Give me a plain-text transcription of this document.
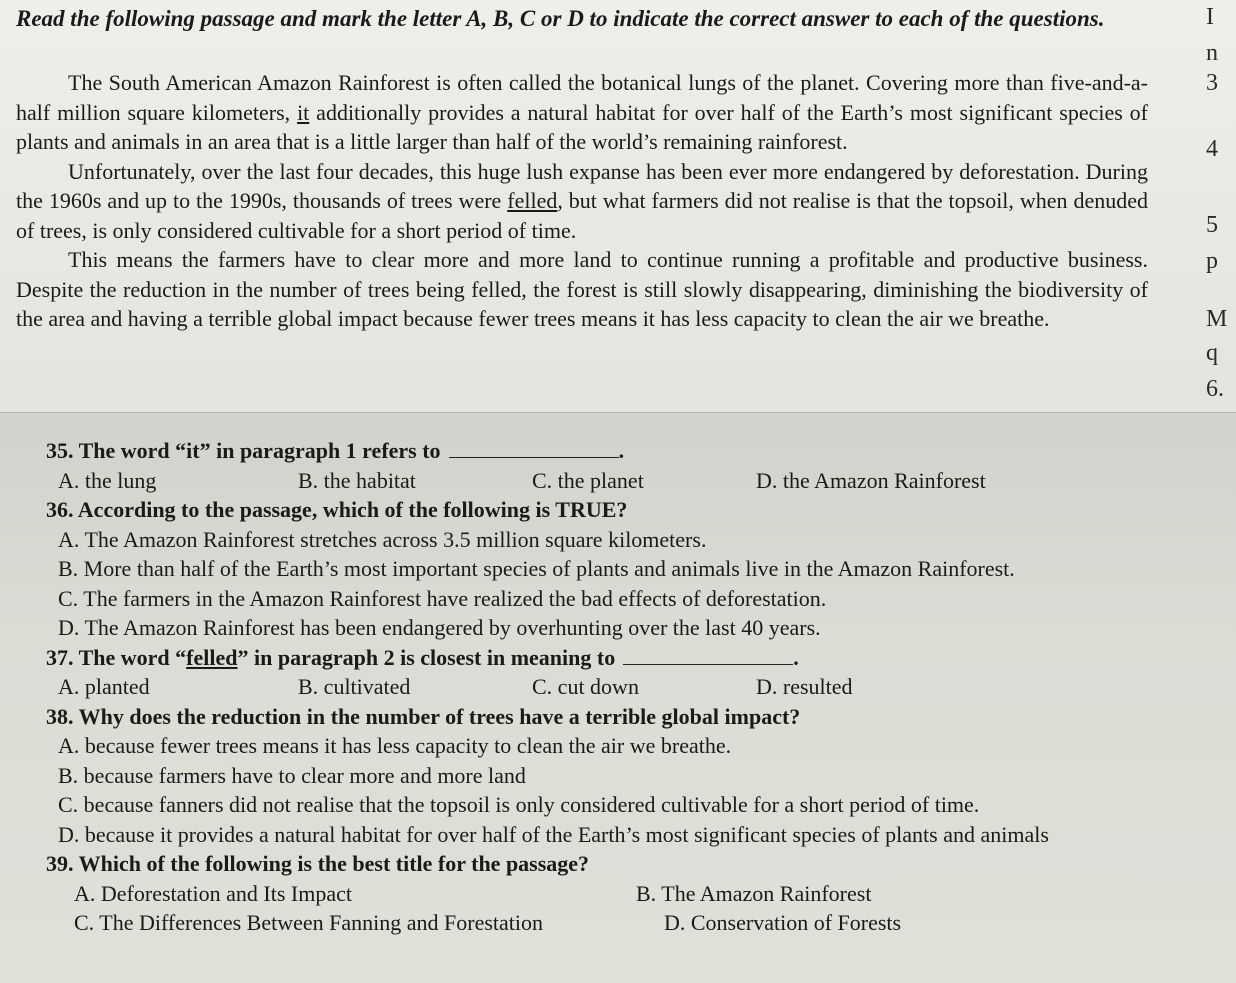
Read the following passage and mark the letter A, B, C or D to indicate the correct answer to each of the questions.

The South American Amazon Rainforest is often called the botanical lungs of the planet. Covering more than five-and-a-half million square kilometers, it additionally provides a natural habitat for over half of the Earth’s most significant species of plants and animals in an area that is a little larger than half of the world’s remaining rainforest.

Unfortunately, over the last four decades, this huge lush expanse has been ever more endangered by deforestation. During the 1960s and up to the 1990s, thousands of trees were felled, but what farmers did not realise is that the topsoil, when denuded of trees, is only considered cultivable for a short period of time.

This means the farmers have to clear more and more land to continue running a profitable and productive business. Despite the reduction in the number of trees being felled, the forest is still slowly disappearing, diminishing the biodiversity of the area and having a terrible global impact because fewer trees means it has less capacity to clean the air we breathe.

I
n
3
4
5
p
M
q
6.

35. The word “it” in paragraph 1 refers to	.

A. the lung	B. the habitat	C. the planet	D. the Amazon Rainforest

36. According to the passage, which of the following is TRUE?

A. The Amazon Rainforest stretches across 3.5 million square kilometers.

B. More than half of the Earth’s most important species of plants and animals live in the Amazon Rainforest.

C. The farmers in the Amazon Rainforest have realized the bad effects of deforestation.

D. The Amazon Rainforest has been endangered by overhunting over the last 40 years.

37. The word “felled” in paragraph 2 is closest in meaning to	.

A. planted	B. cultivated	C. cut down	D. resulted

38. Why does the reduction in the number of trees have a terrible global impact?

A. because fewer trees means it has less capacity to clean the air we breathe.

B. because farmers have to clear more and more land

C. because fanners did not realise that the topsoil is only considered cultivable for a short period of time.

D. because it provides a natural habitat for over half of the Earth’s most significant species of plants and animals

39. Which of the following is the best title for the passage?

A. Deforestation and Its Impact	B. The Amazon Rainforest
C. The Differences Between Fanning and Forestation	D. Conservation of Forests
